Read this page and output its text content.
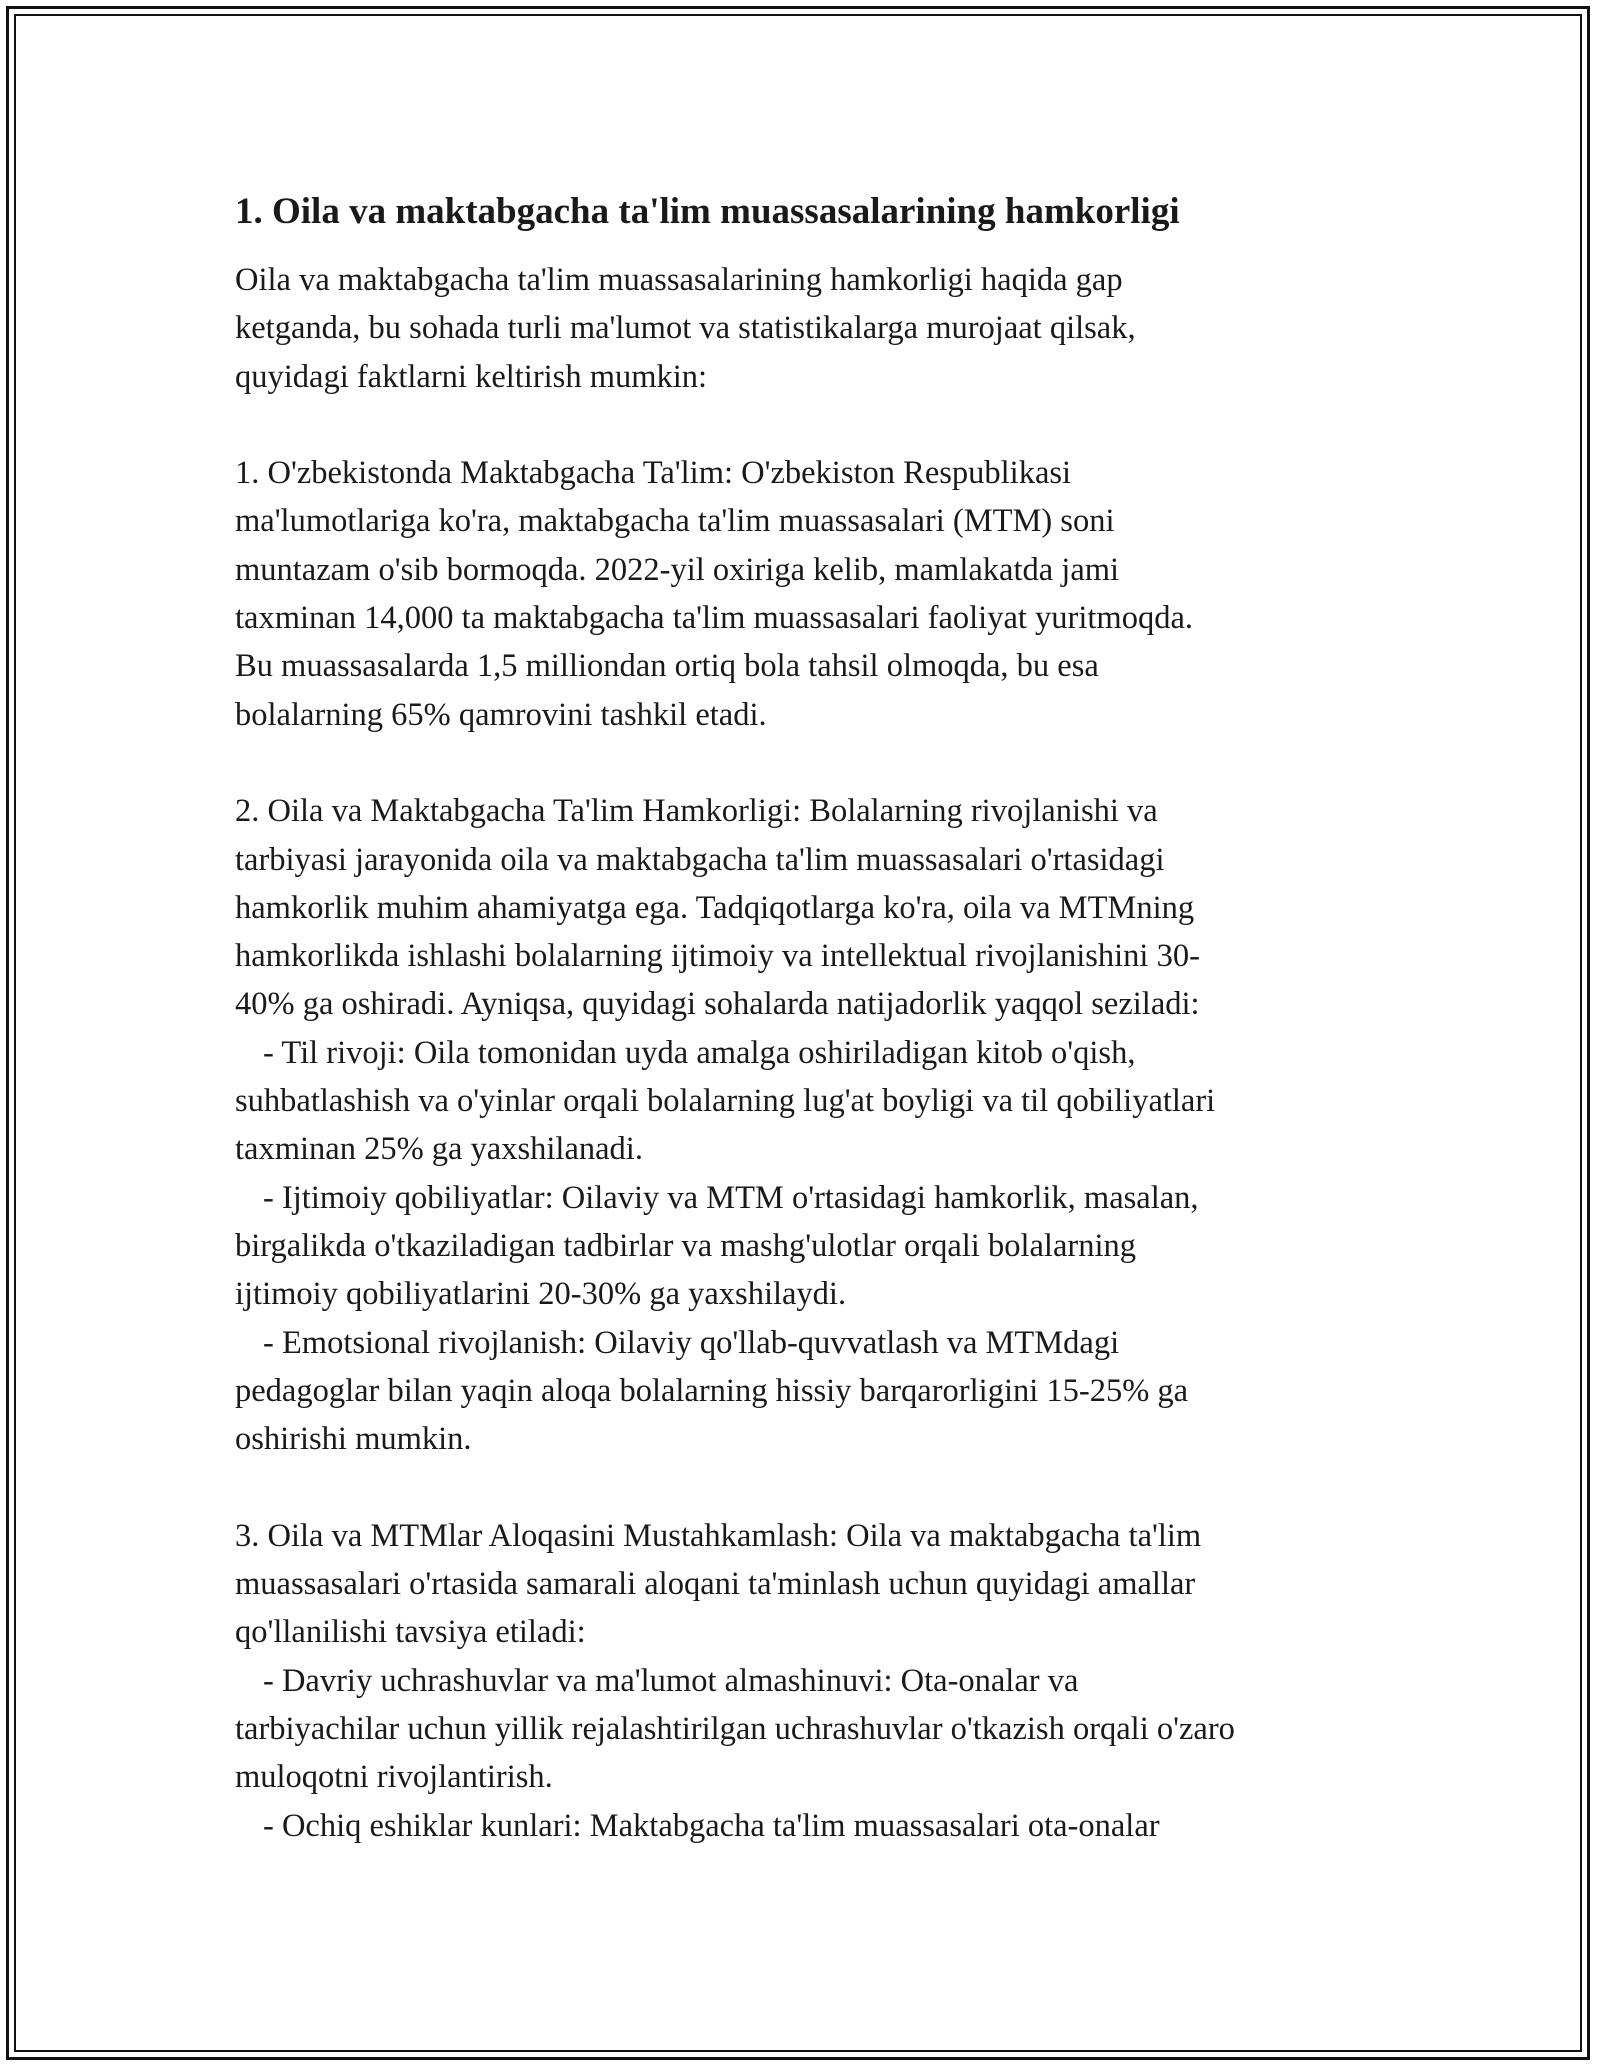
1. Oila va maktabgacha ta'lim muassasalarining hamkorligi

Oila va maktabgacha ta'lim muassasalarining hamkorligi haqida gap
ketganda, bu sohada turli ma'lumot va statistikalarga murojaat qilsak,
quyidagi faktlarni keltirish mumkin:

1. O'zbekistonda Maktabgacha Ta'lim: O'zbekiston Respublikasi
ma'lumotlariga ko'ra, maktabgacha ta'lim muassasalari (MTM) soni
muntazam o'sib bormoqda. 2022-yil oxiriga kelib, mamlakatda jami
taxminan 14,000 ta maktabgacha ta'lim muassasalari faoliyat yuritmoqda.
Bu muassasalarda 1,5 milliondan ortiq bola tahsil olmoqda, bu esa
bolalarning 65% qamrovini tashkil etadi.

2. Oila va Maktabgacha Ta'lim Hamkorligi: Bolalarning rivojlanishi va
tarbiyasi jarayonida oila va maktabgacha ta'lim muassasalari o'rtasidagi
hamkorlik muhim ahamiyatga ega. Tadqiqotlarga ko'ra, oila va MTMning
hamkorlikda ishlashi bolalarning ijtimoiy va intellektual rivojlanishini 30-
40% ga oshiradi. Ayniqsa, quyidagi sohalarda natijadorlik yaqqol seziladi:

- Til rivoji: Oila tomonidan uyda amalga oshiriladigan kitob o'qish,

suhbatlashish va o'yinlar orqali bolalarning lug'at boyligi va til qobiliyatlari
taxminan 25% ga yaxshilanadi.

- Ijtimoiy qobiliyatlar: Oilaviy va MTM o'rtasidagi hamkorlik, masalan,

birgalikda o'tkaziladigan tadbirlar va mashg'ulotlar orqali bolalarning
ijtimoiy qobiliyatlarini 20-30% ga yaxshilaydi.

- Emotsional rivojlanish: Oilaviy qo'llab-quvvatlash va MTMdagi

pedagoglar bilan yaqin aloqa bolalarning hissiy barqarorligini 15-25% ga
oshirishi mumkin.

3. Oila va MTMlar Aloqasini Mustahkamlash: Oila va maktabgacha ta'lim
muassasalari o'rtasida samarali aloqani ta'minlash uchun quyidagi amallar
qo'llanilishi tavsiya etiladi:

- Davriy uchrashuvlar va ma'lumot almashinuvi: Ota-onalar va

tarbiyachilar uchun yillik rejalashtirilgan uchrashuvlar o'tkazish orqali o'zaro
muloqotni rivojlantirish.

- Ochiq eshiklar kunlari: Maktabgacha ta'lim muassasalari ota-onalar
